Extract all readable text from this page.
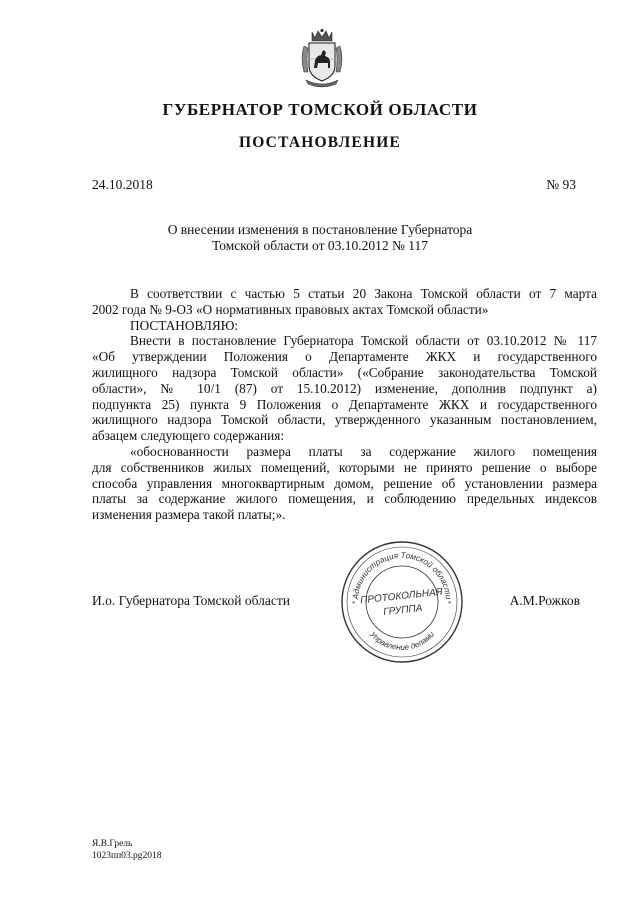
ГУБЕРНАТОР ТОМСКОЙ ОБЛАСТИ
ПОСТАНОВЛЕНИЕ
24.10.2018	№ 93
О внесении изменения в постановление Губернатора
Томской области от 03.10.2012 № 117
В соответствии с частью 5 статьи 20 Закона Томской области от 7 марта
2002 года № 9-ОЗ «О нормативных правовых актах Томской области»
ПОСТАНОВЛЯЮ:
Внести в постановление Губернатора Томской области от 03.10.2012 № 117
«Об утверждении Положения о Департаменте ЖКХ и государственного
жилищного надзора Томской области» («Собрание законодательства Томской
области», № 10/1 (87) от 15.10.2012) изменение, дополнив подпункт а)
подпункта 25) пункта 9 Положения о Департаменте ЖКХ и государственного
жилищного надзора Томской области, утвержденного указанным постановлением,
абзацем следующего содержания:
«обоснованности размера платы за содержание жилого помещения
для собственников жилых помещений, которыми не принято решение о выборе
способа управления многоквартирным домом, решение об установлении размера
платы за содержание жилого помещения, и соблюдению предельных индексов
изменения размера такой платы;».
И.о. Губернатора Томской области	А.М.Рожков
Администрация Томской области
Управление делами
ПРОТОКОЛЬНАЯ
ГРУППА
*	*
Я.В.Грель
1023пп03.pg2018
